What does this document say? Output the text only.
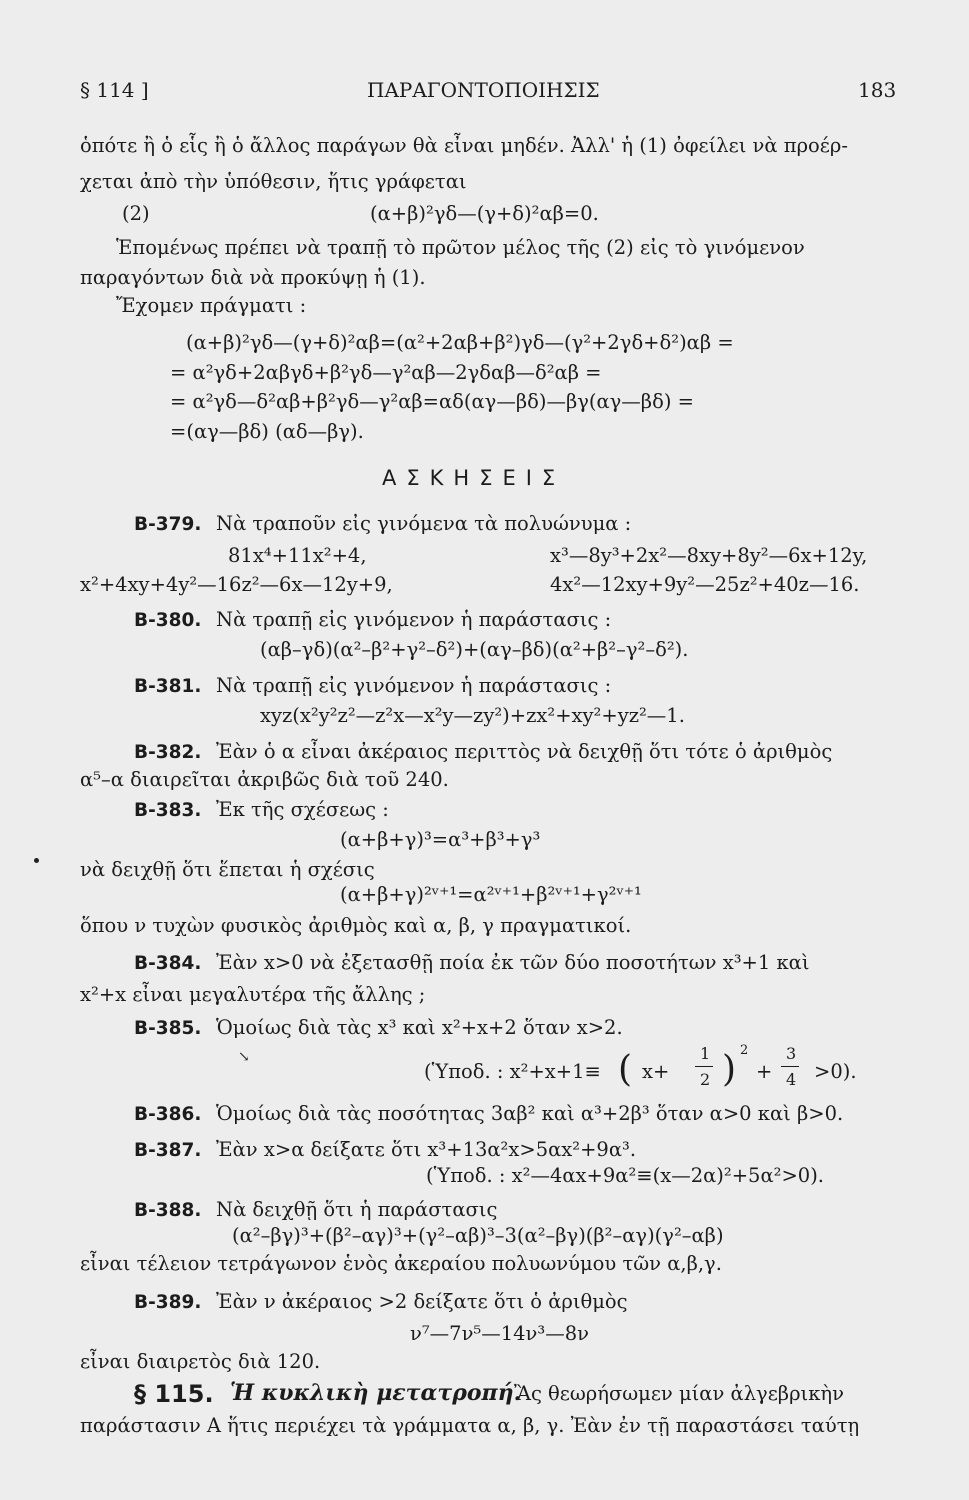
§ 114 ]	ΠΑΡΑΓΟΝΤΟΠΟΙΗΣΙΣ	183
ὁπότε ἢ ὁ εἷς ἢ ὁ ἄλλος παράγων θὰ εἶναι μηδέν. Ἀλλ' ἡ (1) ὀφείλει νὰ προέρ-
χεται ἀπὸ τὴν ὑπόθεσιν, ἥτις γράφεται
(2)	(α+β)²γδ—(γ+δ)²αβ=0.
Ἑπομένως πρέπει νὰ τραπῇ τὸ πρῶτον μέλος τῆς (2) εἰς τὸ γινόμενον
παραγόντων διὰ νὰ προκύψῃ ἡ (1).
Ἔχομεν πράγματι :
(α+β)²γδ—(γ+δ)²αβ=(α²+2αβ+β²)γδ—(γ²+2γδ+δ²)αβ =
= α²γδ+2αβγδ+β²γδ—γ²αβ—2γδαβ—δ²αβ =
= α²γδ—δ²αβ+β²γδ—γ²αβ=αδ(αγ—βδ)—βγ(αγ—βδ) =
=(αγ—βδ) (αδ—βγ).
ΑΣΚΗΣΕΙΣ
B-379. Νὰ τραποῦν εἰς γινόμενα τὰ πολυώνυμα :
81x⁴+11x²+4,	x³—8y³+2x²—8xy+8y²—6x+12y,
x²+4xy+4y²—16z²—6x—12y+9,	4x²—12xy+9y²—25z²+40z—16.
B-380. Νὰ τραπῇ εἰς γινόμενον ἡ παράστασις :
(αβ–γδ)(α²–β²+γ²–δ²)+(αγ–βδ)(α²+β²–γ²–δ²).
B-381. Νὰ τραπῇ εἰς γινόμενον ἡ παράστασις :
xyz(x²y²z²—z²x—x²y—zy²)+zx²+xy²+yz²—1.
B-382. Ἐὰν ὁ α εἶναι ἀκέραιος περιττὸς νὰ δειχθῇ ὅτι τότε ὁ ἀριθμὸς
α⁵–α διαιρεῖται ἀκριβῶς διὰ τοῦ 240.
B-383. Ἐκ τῆς σχέσεως :
(α+β+γ)³=α³+β³+γ³
νὰ δειχθῇ ὅτι ἕπεται ἡ σχέσις
(α+β+γ)²ᵛ⁺¹=α²ᵛ⁺¹+β²ᵛ⁺¹+γ²ᵛ⁺¹
ὅπου ν τυχὼν φυσικὸς ἀριθμὸς καὶ α, β, γ πραγματικοί.
B-384. Ἐὰν x>0 νὰ ἐξετασθῇ ποία ἐκ τῶν δύο ποσοτήτων x³+1 καὶ
x²+x εἶναι μεγαλυτέρα τῆς ἄλλης ;
B-385. Ὁμοίως διὰ τὰς x³ καὶ x²+x+2 ὅταν x>2.
↘
(Ὑποδ. : x²+x+1≡ ( x+
1
2 ) 2
+
3
4 >0).
B-386. Ὁμοίως διὰ τὰς ποσότητας 3αβ² καὶ α³+2β³ ὅταν α>0 καὶ β>0.
B-387. Ἐὰν x>α δείξατε ὅτι x³+13α²x>5αx²+9α³.
(Ὑποδ. : x²—4αx+9α²≡(x—2α)²+5α²>0).
B-388. Νὰ δειχθῇ ὅτι ἡ παράστασις
(α²–βγ)³+(β²–αγ)³+(γ²–αβ)³–3(α²–βγ)(β²–αγ)(γ²–αβ)
εἶναι τέλειον τετράγωνον ἑνὸς ἀκεραίου πολυωνύμου τῶν α,β,γ.
B-389. Ἐὰν ν ἀκέραιος >2 δείξατε ὅτι ὁ ἀριθμὸς
ν⁷—7ν⁵—14ν³—8ν
εἶναι διαιρετὸς διὰ 120.
§ 115. Ἡ κυκλικὴ μετατροπή.
Ἂς θεωρήσωμεν μίαν ἀλγεβρικὴν
παράστασιν Α ἥτις περιέχει τὰ γράμματα α, β, γ. Ἐὰν ἐν τῇ παραστάσει ταύτῃ
